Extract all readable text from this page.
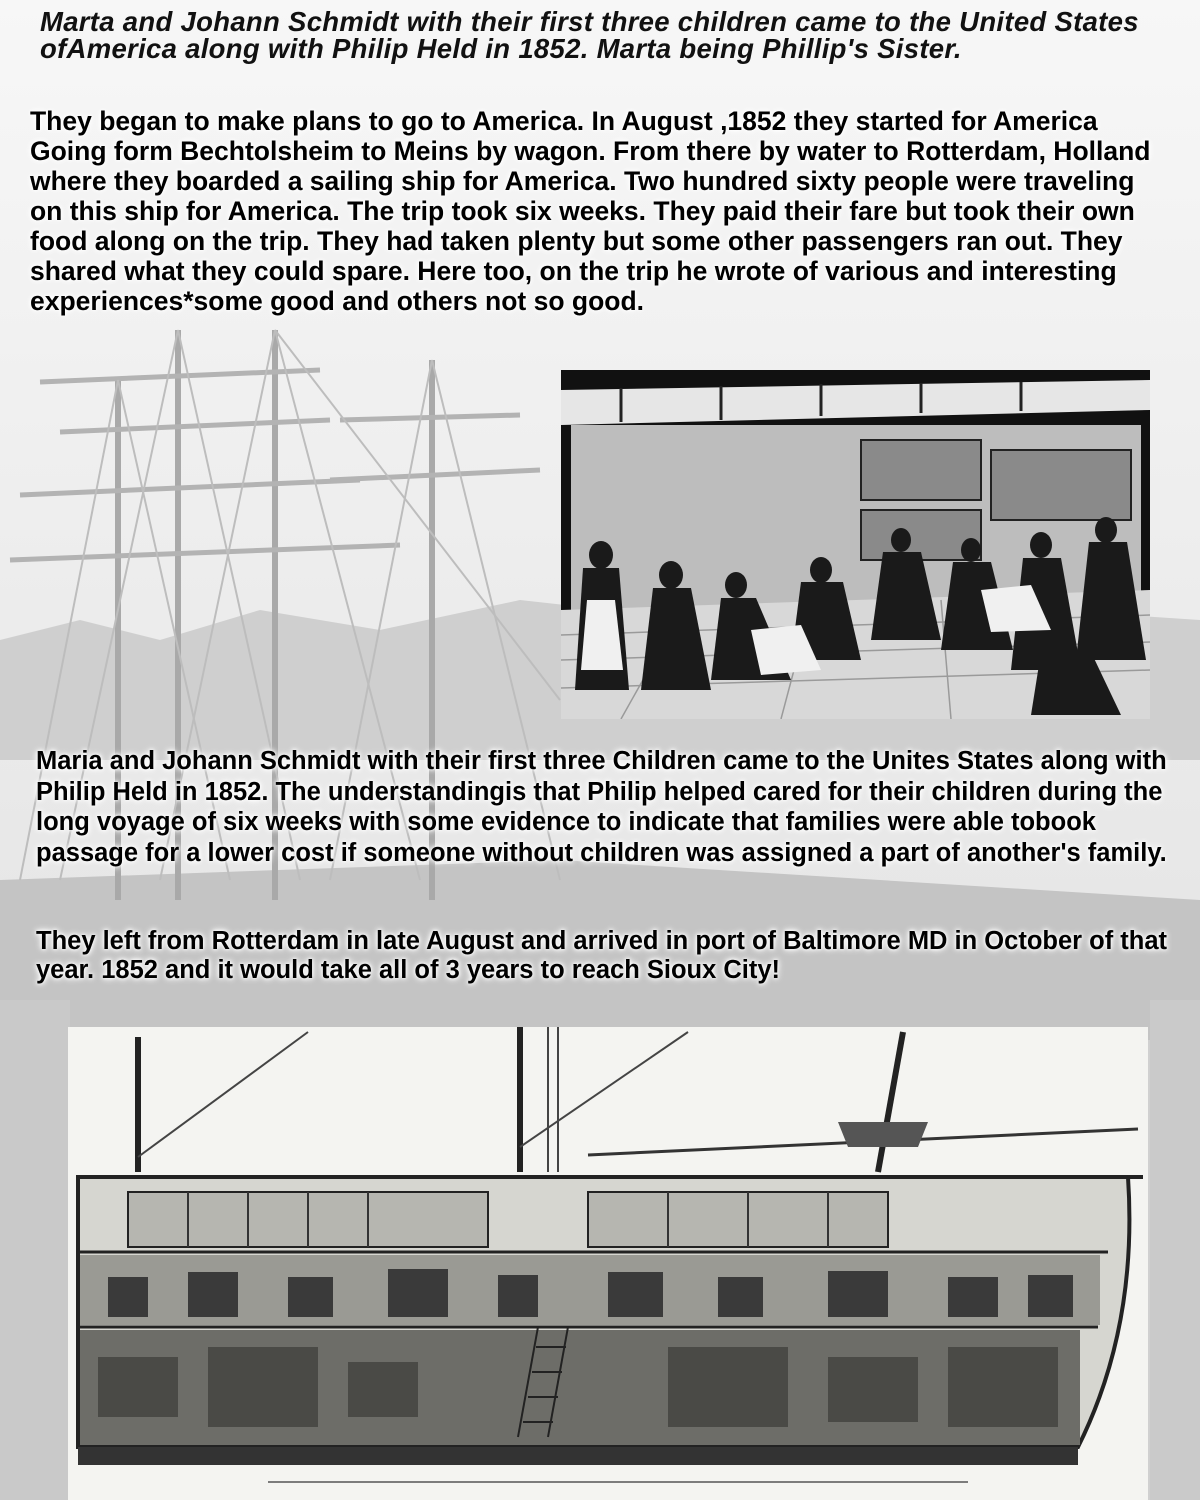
Marta and Johann Schmidt with their first three children came to the United States ofAmerica along with Philip Held in 1852. Marta being Phillip's Sister.

They began to make plans to go to America. In August ,1852 they started for America Going form Bechtolsheim to Meins by wagon. From there by water to Rotterdam, Holland where they boarded a sailing ship for America. Two hundred sixty people were traveling on this ship for America. The trip took six weeks. They paid their fare but took their own food along on the trip. They had taken plenty but some other passengers ran out. They shared what they could spare. Here too, on the trip he wrote of various and interesting experiences*some good and others not so good.

Maria and Johann Schmidt with their first three Children came to the Unites States along with Philip Held in 1852. The understandingis that Philip helped cared for their children during the long voyage of six weeks with some evidence to indicate that families were able tobook passage for a lower cost if someone without children was assigned a part of another's family.

They left from Rotterdam in late August and arrived in port of Baltimore MD in October of that year. 1852 and it would take all of 3 years to reach Sioux City!
